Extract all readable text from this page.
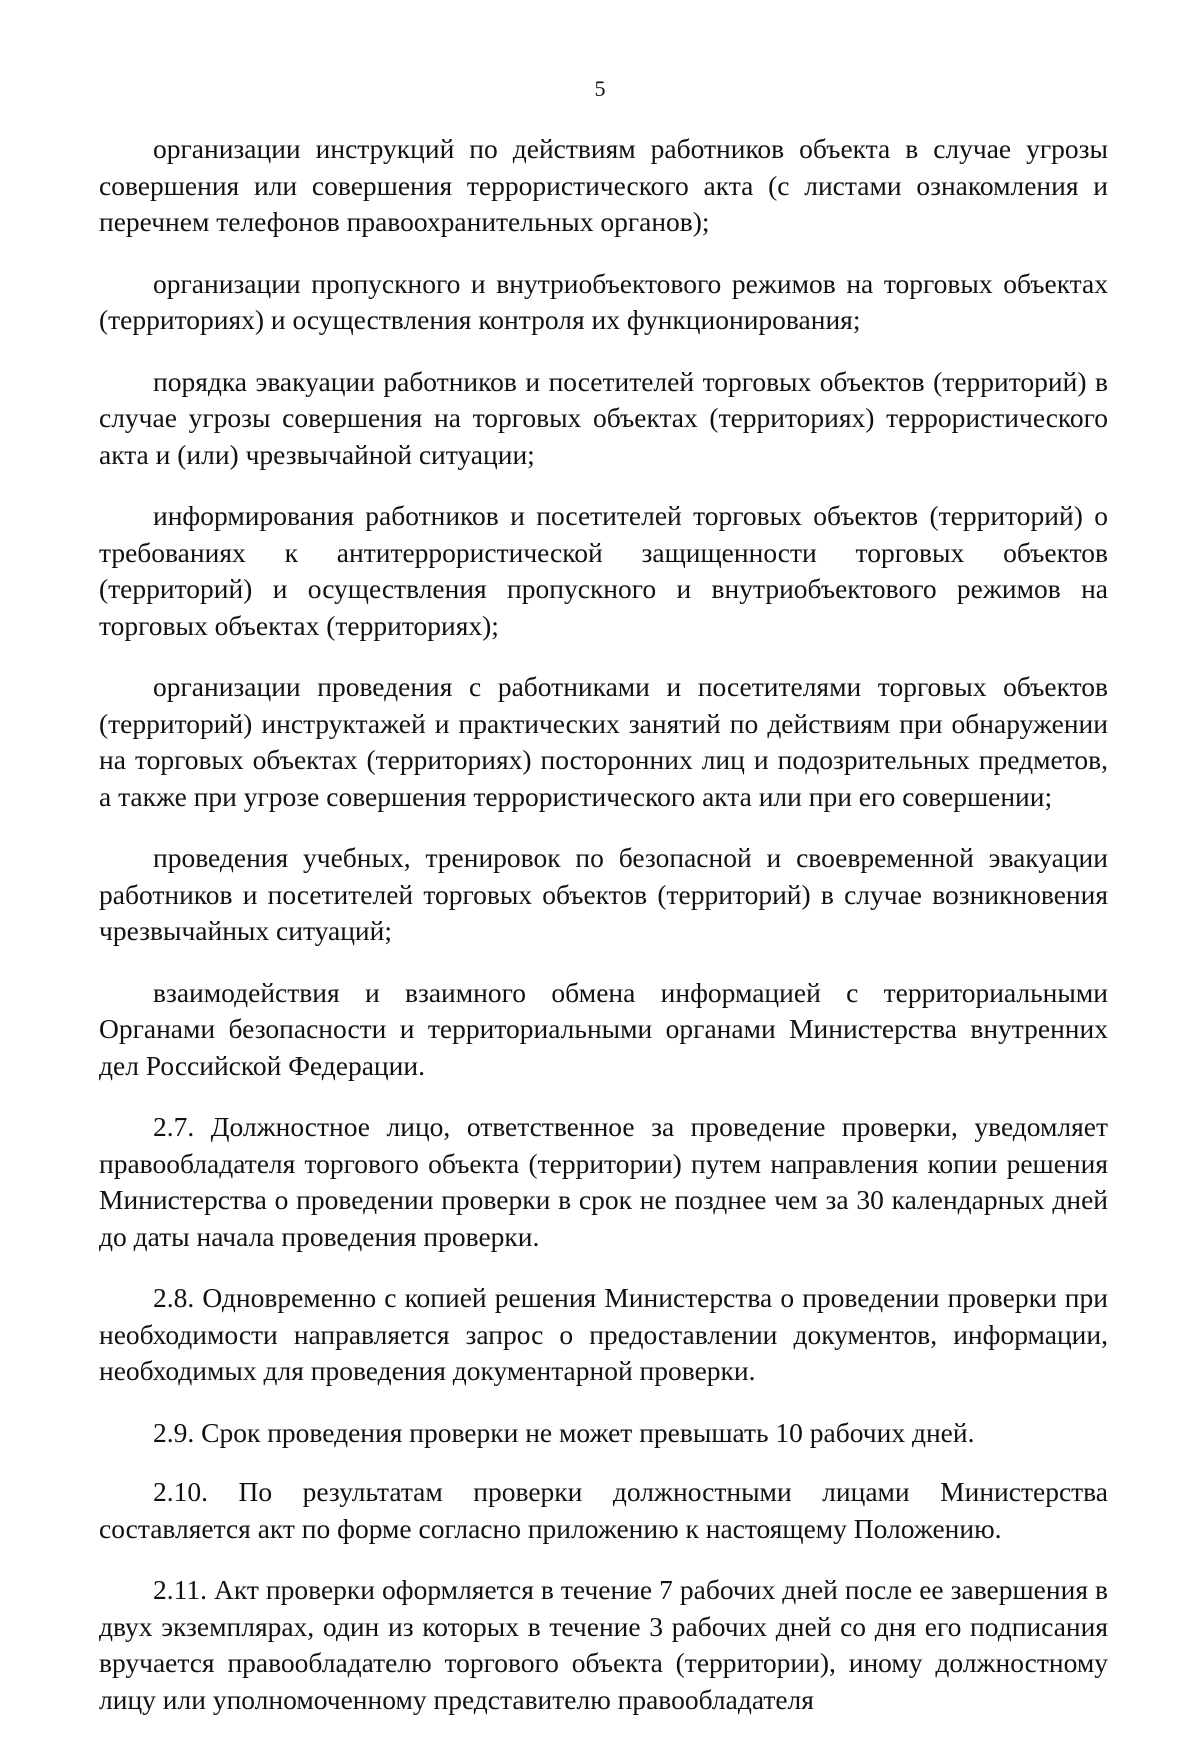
5

организации инструкций по действиям работников объекта в случае угрозы совершения или совершения террористического акта (с листами ознакомления и перечнем телефонов правоохранительных органов);

организации пропускного и внутриобъектового режимов на торговых объектах (территориях) и осуществления контроля их функционирования;

порядка эвакуации работников и посетителей торговых объектов (территорий) в случае угрозы совершения на торговых объектах (территориях) террористического акта и (или) чрезвычайной ситуации;

информирования работников и посетителей торговых объектов (территорий) о требованиях к антитеррористической защищенности торговых объектов (территорий) и осуществления пропускного и внутриобъектового режимов на торговых объектах (территориях);

организации проведения с работниками и посетителями торговых объектов (территорий) инструктажей и практических занятий по действиям при обнаружении на торговых объектах (территориях) посторонних лиц и подозрительных предметов, а также при угрозе совершения террористического акта или при его совершении;

проведения учебных, тренировок по безопасной и своевременной эвакуации работников и посетителей торговых объектов (территорий) в случае возникновения чрезвычайных ситуаций;

взаимодействия и взаимного обмена информацией с территориальными Органами безопасности и территориальными органами Министерства внутренних дел Российской Федерации.

2.7. Должностное лицо, ответственное за проведение проверки, уведомляет правообладателя торгового объекта (территории) путем направления копии решения Министерства о проведении проверки в срок не позднее чем за 30 календарных дней до даты начала проведения проверки.

2.8. Одновременно с копией решения Министерства о проведении проверки при необходимости направляется запрос о предоставлении документов, информации, необходимых для проведения документарной проверки.

2.9. Срок проведения проверки не может превышать 10 рабочих дней.

2.10. По результатам проверки должностными лицами Министерства составляется акт по форме согласно приложению к настоящему Положению.

2.11. Акт проверки оформляется в течение 7 рабочих дней после ее завершения в двух экземплярах, один из которых в течение 3 рабочих дней со дня его подписания вручается правообладателю торгового объекта (территории), иному должностному лицу или уполномоченному представителю правообладателя
